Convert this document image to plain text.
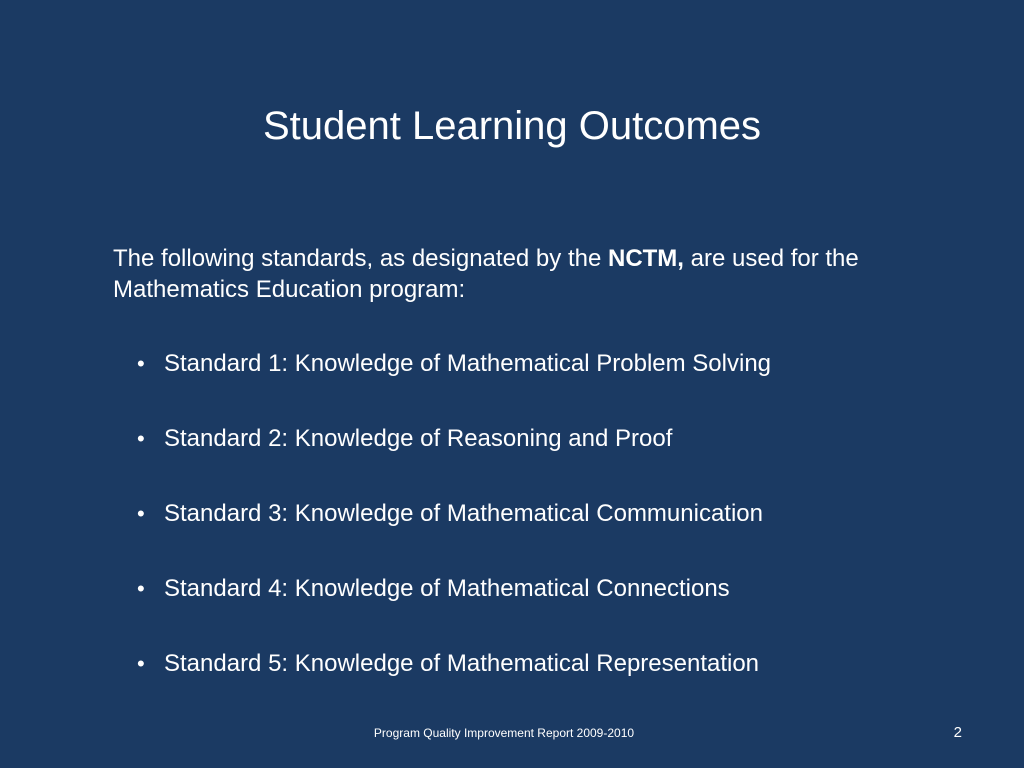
Student Learning Outcomes

The following standards, as designated by the NCTM, are used for the Mathematics Education program:

• Standard 1: Knowledge of Mathematical Problem Solving
• Standard 2: Knowledge of Reasoning and Proof
• Standard 3: Knowledge of Mathematical Communication
• Standard 4: Knowledge of Mathematical Connections
• Standard 5: Knowledge of Mathematical Representation
Program Quality Improvement Report 2009-2010	2
